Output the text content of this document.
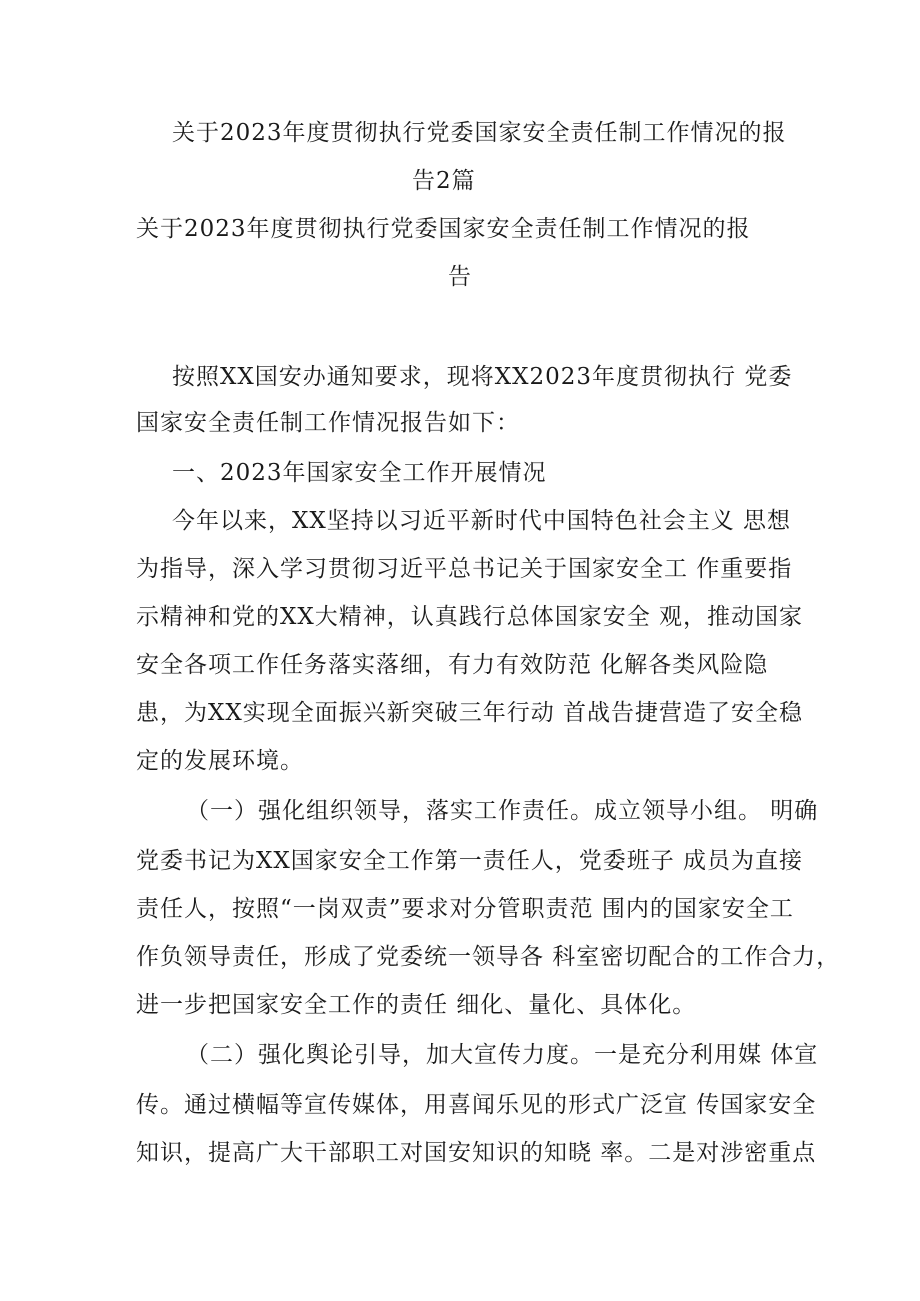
关于2023年度贯彻执行党委国家安全责任制工作情况的报
告2篇
关于2023年度贯彻执行党委国家安全责任制工作情况的报
告
按照XX国安办通知要求，现将XX2023年度贯彻执行 党委
国家安全责任制工作情况报告如下：
一、2023年国家安全工作开展情况
今年以来，XX坚持以习近平新时代中国特色社会主义 思想
为指导，深入学习贯彻习近平总书记关于国家安全工 作重要指
示精神和党的XX大精神，认真践行总体国家安全 观，推动国家
安全各项工作任务落实落细，有力有效防范 化解各类风险隐
患，为XX实现全面振兴新突破三年行动 首战告捷营造了安全稳
定的发展环境。
（一）强化组织领导，落实工作责任。成立领导小组。 明确
党委书记为XX国家安全工作第一责任人，党委班子 成员为直接
责任人，按照“一岗双责”要求对分管职责范 围内的国家安全工
作负领导责任，形成了党委统一领导各 科室密切配合的工作合力，
进一步把国家安全工作的责任 细化、量化、具体化。
（二）强化舆论引导，加大宣传力度。一是充分利用媒 体宣
传。通过横幅等宣传媒体，用喜闻乐见的形式广泛宣 传国家安全
知识，提高广大干部职工对国安知识的知晓 率。二是对涉密重点
